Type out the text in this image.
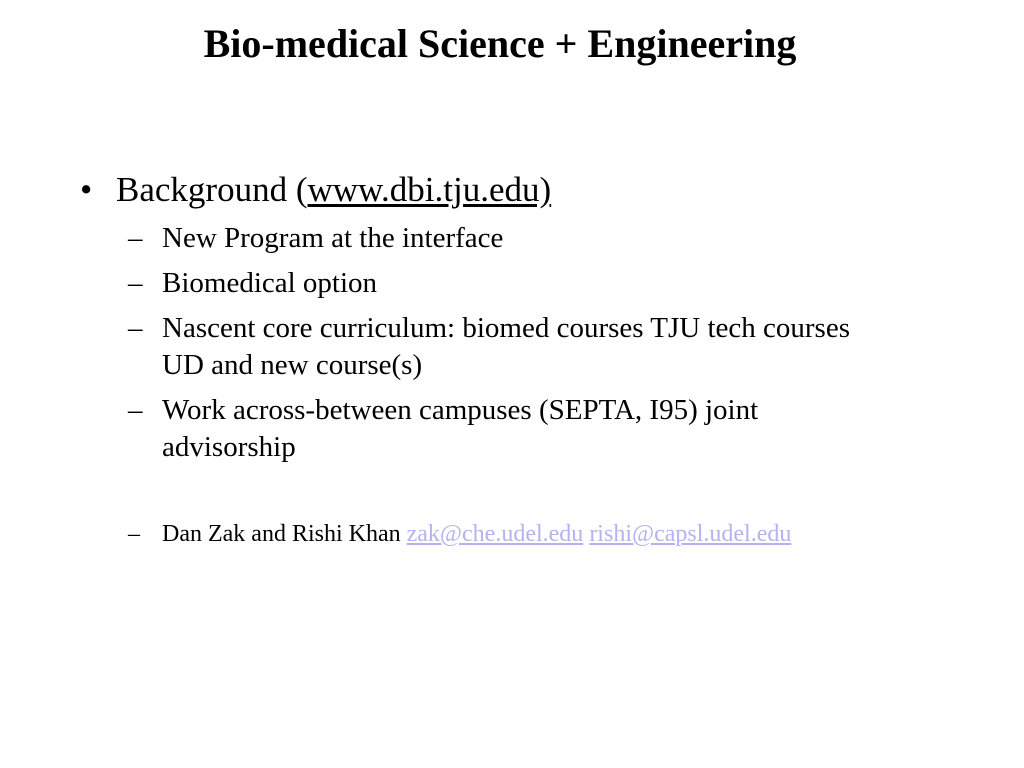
Bio-medical Science + Engineering
• Background (www.dbi.tju.edu)
– New Program at the interface
– Biomedical option
– Nascent core curriculum: biomed courses TJU tech courses UD and new course(s)
– Work across-between campuses (SEPTA, I95) joint advisorship
– Dan Zak and Rishi Khan zak@che.udel.edu rishi@capsl.udel.edu
